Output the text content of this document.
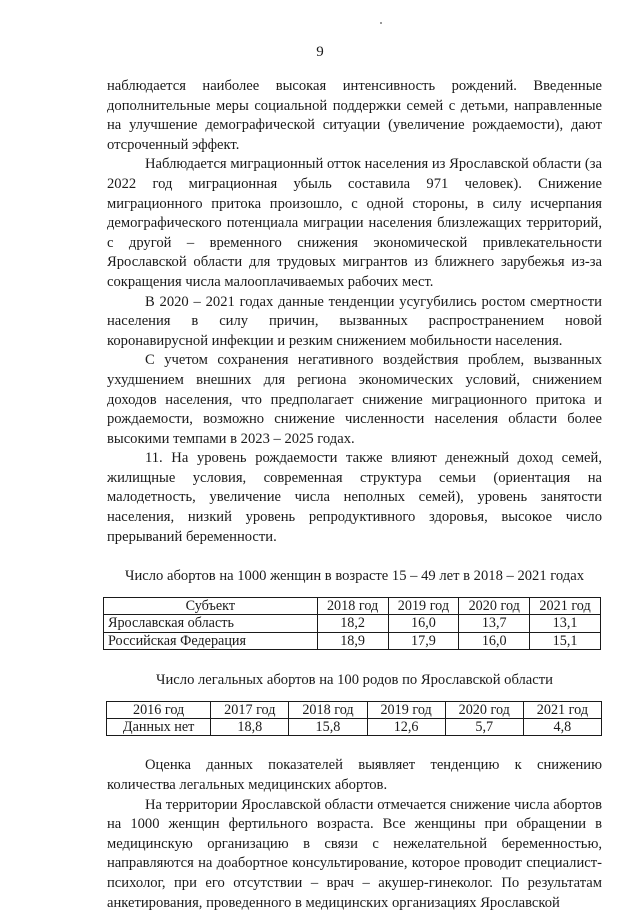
9

наблюдается наиболее высокая интенсивность рождений. Введенные дополнительные меры социальной поддержки семей с детьми, направленные на улучшение демографической ситуации (увеличение рождаемости), дают отсроченный эффект.

Наблюдается миграционный отток населения из Ярославской области (за 2022 год миграционная убыль составила 971 человек). Снижение миграционного притока произошло, с одной стороны, в силу исчерпания демографического потенциала миграции населения близлежащих территорий, с другой – временного снижения экономической привлекательности Ярославской области для трудовых мигрантов из ближнего зарубежья из-за сокращения числа малооплачиваемых рабочих мест.

В 2020 – 2021 годах данные тенденции усугубились ростом смертности населения в силу причин, вызванных распространением новой коронавирусной инфекции и резким снижением мобильности населения.

С учетом сохранения негативного воздействия проблем, вызванных ухудшением внешних для региона экономических условий, снижением доходов населения, что предполагает снижение миграционного притока и рождаемости, возможно снижение численности населения области более высокими темпами в 2023 – 2025 годах.

11. На уровень рождаемости также влияют денежный доход семей, жилищные условия, современная структура семьи (ориентация на малодетность, увеличение числа неполных семей), уровень занятости населения, низкий уровень репродуктивного здоровья, высокое число прерываний беременности.

Число абортов на 1000 женщин в возрасте 15 – 49 лет в 2018 – 2021 годах

Субъект	2018 год	2019 год	2020 год	2021 год
Ярославская область	18,2	16,0	13,7	13,1
Российская Федерация	18,9	17,9	16,0	15,1

Число легальных абортов на 100 родов по Ярославской области

2016 год	2017 год	2018 год	2019 год	2020 год	2021 год
Данных нет	18,8	15,8	12,6	5,7	4,8

Оценка данных показателей выявляет тенденцию к снижению количества легальных медицинских абортов.

На территории Ярославской области отмечается снижение числа абортов на 1000 женщин фертильного возраста. Все женщины при обращении в медицинскую организацию в связи с нежелательной беременностью, направляются на доабортное консультирование, которое проводит специалист-психолог, при его отсутствии – врач – акушер-гинеколог. По результатам анкетирования, проведенного в медицинских организациях Ярославской
